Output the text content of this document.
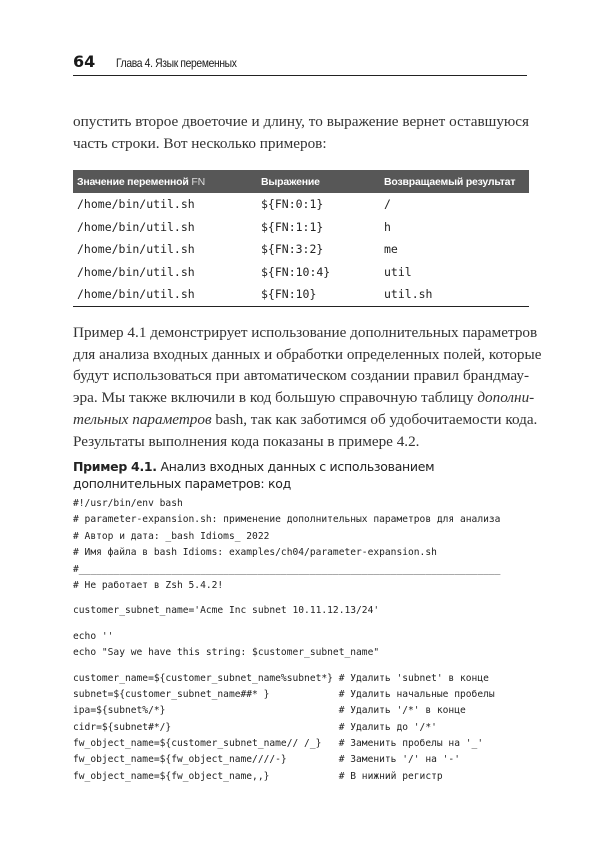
64 Глава 4. Язык переменных
опустить второе двоеточие и длину, то выражение вернет оставшуюся
часть строки. Вот несколько примеров:
Значение переменной FN	Выражение	Возвращаемый результат
/home/bin/util.sh	${FN:0:1}	/
/home/bin/util.sh	${FN:1:1}	h
/home/bin/util.sh	${FN:3:2}	me
/home/bin/util.sh	${FN:10:4}	util
/home/bin/util.sh	${FN:10}	util.sh
Пример 4.1 демонстрирует использование дополнительных параметров
для анализа входных данных и обработки определенных полей, которые
будут использоваться при автоматическом создании правил брандмау-
эра. Мы также включили в код большую справочную таблицу дополни-
тельных параметров bash, так как заботимся об удобочитаемости кода.
Результаты выполнения кода показаны в примере 4.2.
Пример 4.1. Анализ входных данных с использованием дополнительных параметров: код
#!/usr/bin/env bash
# parameter-expansion.sh: применение дополнительных параметров для анализа
# Автор и дата: _bash Idioms_ 2022
# Имя файла в bash Idioms: examples/ch04/parameter-expansion.sh
#_________________________________________________________________________
# Не работает в Zsh 5.4.2!
customer_subnet_name='Acme Inc subnet 10.11.12.13/24'
echo ''
echo "Say we have this string: $customer_subnet_name"
customer_name=${customer_subnet_name%subnet*} # Удалить 'subnet' в конце
subnet=${customer_subnet_name##* }            # Удалить начальные пробелы
ipa=${subnet%/*}                              # Удалить '/*' в конце
cidr=${subnet#*/}                             # Удалить до '/*'
fw_object_name=${customer_subnet_name// /_}   # Заменить пробелы на '_'
fw_object_name=${fw_object_name////-}         # Заменить '/' на '-'
fw_object_name=${fw_object_name,,}            # В нижний регистр
